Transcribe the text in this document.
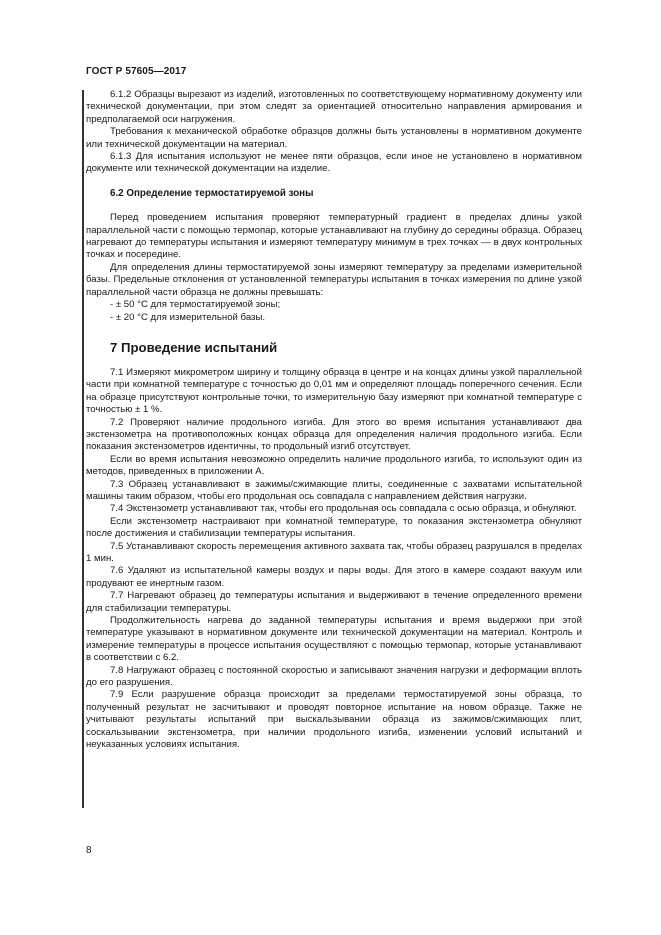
ГОСТ Р 57605—2017

6.1.2 Образцы вырезают из изделий, изготовленных по соответствующему нормативному документу или технической документации, при этом следят за ориентацией относительно направления армирования и предполагаемой оси нагружения.

Требования к механической обработке образцов должны быть установлены в нормативном документе или технической документации на материал.

6.1.3 Для испытания используют не менее пяти образцов, если иное не установлено в нормативном документе или технической документации на изделие.

6.2 Определение термостатируемой зоны

Перед проведением испытания проверяют температурный градиент в пределах длины узкой параллельной части с помощью термопар, которые устанавливают на глубину до середины образца. Образец нагревают до температуры испытания и измеряют температуру минимум в трех точках — в двух контрольных точках и посередине.

Для определения длины термостатируемой зоны измеряют температуру за пределами измерительной базы. Предельные отклонения от установленной температуры испытания в точках измерения по длине узкой параллельной части образца не должны превышать:

- ± 50 °С для термостатируемой зоны;
- ± 20 °С для измерительной базы.
7 Проведение испытаний

7.1 Измеряют микрометром ширину и толщину образца в центре и на концах длины узкой параллельной части при комнатной температуре с точностью до 0,01 мм и определяют площадь поперечного сечения. Если на образце присутствуют контрольные точки, то измерительную базу измеряют при комнатной температуре с точностью ± 1 %.

7.2 Проверяют наличие продольного изгиба. Для этого во время испытания устанавливают два экстензометра на противоположных концах образца для определения наличия продольного изгиба. Если показания экстензометров идентичны, то продольный изгиб отсутствует.

Если во время испытания невозможно определить наличие продольного изгиба, то используют один из методов, приведенных в приложении А.

7.3 Образец устанавливают в зажимы/сжимающие плиты, соединенные с захватами испытательной машины таким образом, чтобы его продольная ось совпадала с направлением действия нагрузки.

7.4 Экстензометр устанавливают так, чтобы его продольная ось совпадала с осью образца, и обнуляют.

Если экстензометр настраивают при комнатной температуре, то показания экстензометра обнуляют после достижения и стабилизации температуры испытания.

7.5 Устанавливают скорость перемещения активного захвата так, чтобы образец разрушался в пределах 1 мин.

7.6 Удаляют из испытательной камеры воздух и пары воды. Для этого в камере создают вакуум или продувают ее инертным газом.

7.7 Нагревают образец до температуры испытания и выдерживают в течение определенного времени для стабилизации температуры.

Продолжительность нагрева до заданной температуры испытания и время выдержки при этой температуре указывают в нормативном документе или технической документации на материал. Контроль и измерение температуры в процессе испытания осуществляют с помощью термопар, которые устанавливают в соответствии с 6.2.

7.8 Нагружают образец с постоянной скоростью и записывают значения нагрузки и деформации вплоть до его разрушения.

7.9 Если разрушение образца происходит за пределами термостатируемой зоны образца, то полученный результат не засчитывают и проводят повторное испытание на новом образце. Также не учитывают результаты испытаний при выскальзывании образца из зажимов/сжимающих плит, соскальзывании экстензометра, при наличии продольного изгиба, изменении условий испытаний и неуказанных условиях испытания.

8
